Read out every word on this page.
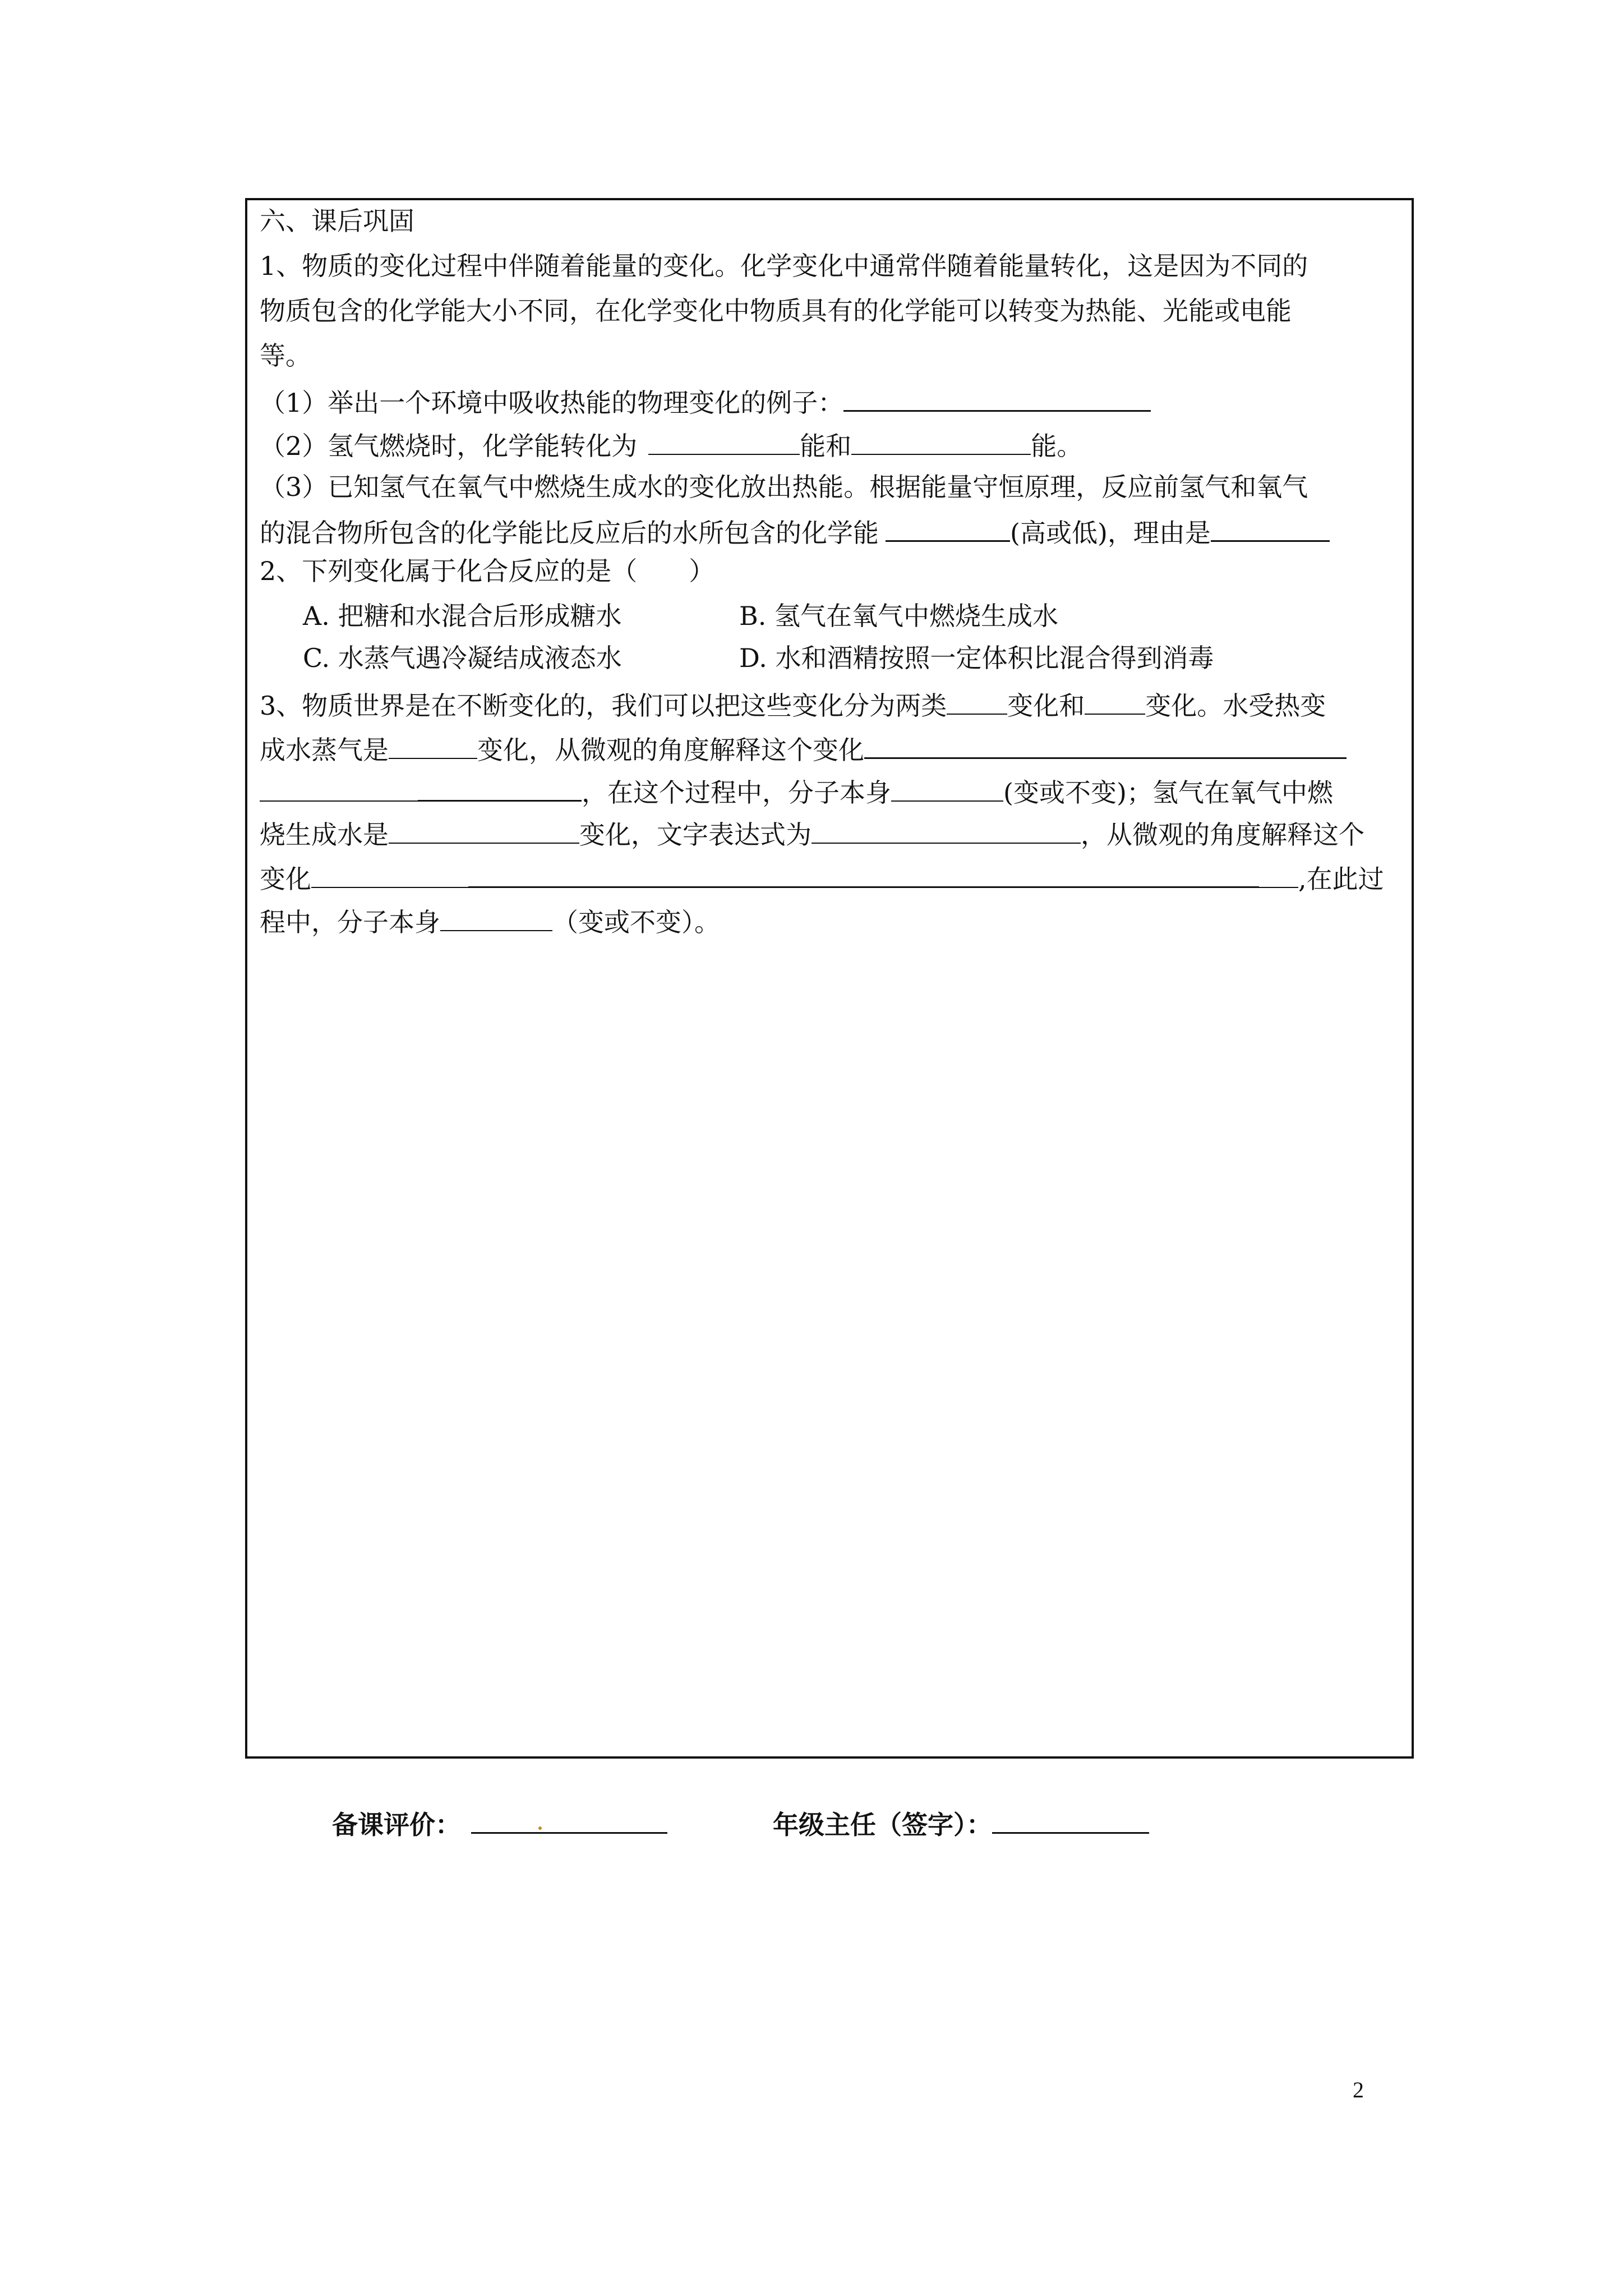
六、课后巩固
1、物质的变化过程中伴随着能量的变化。化学变化中通常伴随着能量转化，这是因为不同的
物质包含的化学能大小不同，在化学变化中物质具有的化学能可以转变为热能、光能或电能
等。
（1）举出一个环境中吸收热能的物理变化的例子：
（2）氢气燃烧时，化学能转化为	能和	能。
（3）已知氢气在氧气中燃烧生成水的变化放出热能。根据能量守恒原理，反应前氢气和氧气
的混合物所包含的化学能比反应后的水所包含的化学能	(高或低)，理由是
2、下列变化属于化合反应的是（　　）
A. 把糖和水混合后形成糖水	B. 氢气在氧气中燃烧生成水
C. 水蒸气遇冷凝结成液态水	D. 水和酒精按照一定体积比混合得到消毒
3、物质世界是在不断变化的，我们可以把这些变化分为两类 变化和 变化。水受热变
成水蒸气是	变化，从微观的角度解释这个变化
，在这个过程中，分子本身	(变或不变)；氢气在氧气中燃
烧生成水是	变化，文字表达式为	，从微观的角度解释这个
变化	,在此过
程中，分子本身	（变或不变）。
备课评价：	年级主任（签字）：
2
